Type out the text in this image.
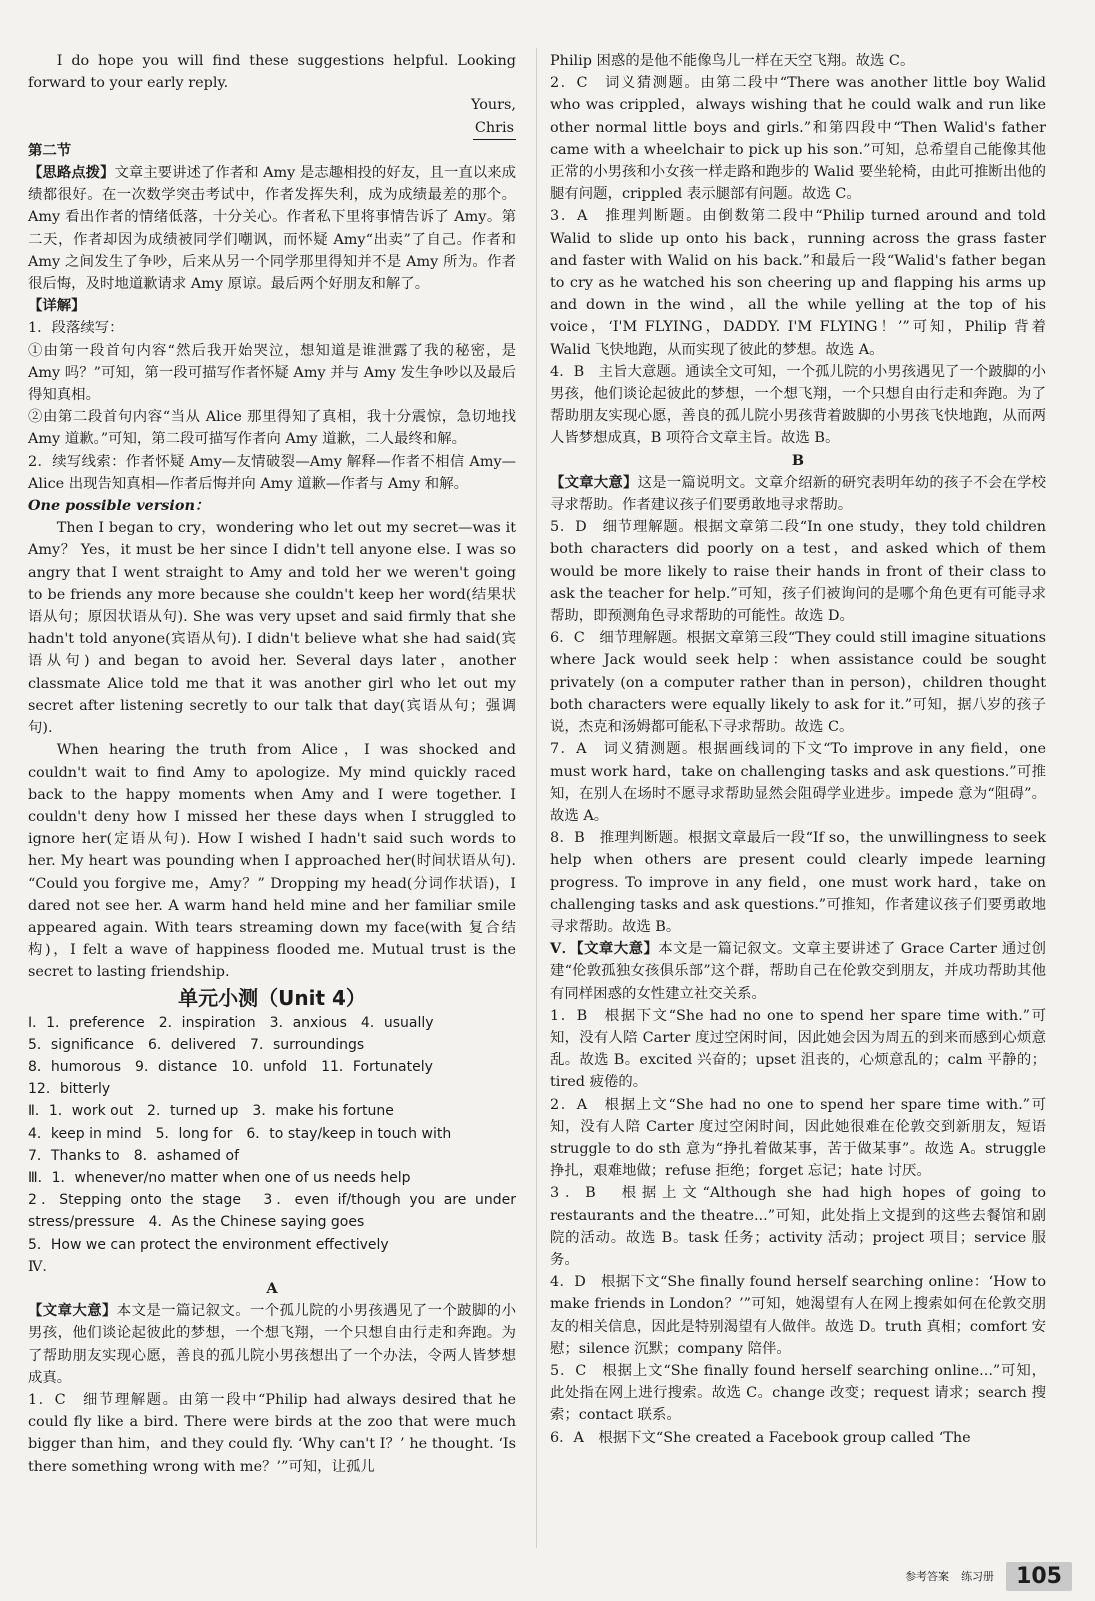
I do hope you will find these suggestions helpful. Looking forward to your early reply.

Yours,

Chris

第二节

【思路点拨】文章主要讲述了作者和 Amy 是志趣相投的好友，且一直以来成绩都很好。在一次数学突击考试中，作者发挥失利，成为成绩最差的那个。Amy 看出作者的情绪低落，十分关心。作者私下里将事情告诉了 Amy。第二天，作者却因为成绩被同学们嘲讽，而怀疑 Amy“出卖”了自己。作者和 Amy 之间发生了争吵，后来从另一个同学那里得知并不是 Amy 所为。作者很后悔，及时地道歉请求 Amy 原谅。最后两个好朋友和解了。

【详解】

1．段落续写：

①由第一段首句内容“然后我开始哭泣，想知道是谁泄露了我的秘密，是 Amy 吗？”可知，第一段可描写作者怀疑 Amy 并与 Amy 发生争吵以及最后得知真相。

②由第二段首句内容“当从 Alice 那里得知了真相，我十分震惊，急切地找 Amy 道歉。”可知，第二段可描写作者向 Amy 道歉，二人最终和解。

2．续写线索：作者怀疑 Amy—友情破裂—Amy 解释—作者不相信 Amy—Alice 出现告知真相—作者后悔并向 Amy 道歉—作者与 Amy 和解。

One possible version：

Then I began to cry，wondering who let out my secret—was it Amy？ Yes，it must be her since I didn't tell anyone else. I was so angry that I went straight to Amy and told her we weren't going to be friends any more because she couldn't keep her word(结果状语从句；原因状语从句). She was very upset and said firmly that she hadn't told anyone(宾语从句). I didn't believe what she had said(宾语从句) and began to avoid her. Several days later，another classmate Alice told me that it was another girl who let out my secret after listening secretly to our talk that day(宾语从句；强调句).

When hearing the truth from Alice，I was shocked and couldn't wait to find Amy to apologize. My mind quickly raced back to the happy moments when Amy and I were together. I couldn't deny how I missed her these days when I struggled to ignore her(定语从句). How I wished I hadn't said such words to her. My heart was pounding when I approached her(时间状语从句). “Could you forgive me，Amy？” Dropping my head(分词作状语)，I dared not see her. A warm hand held mine and her familiar smile appeared again. With tears streaming down my face(with 复合结构)，I felt a wave of happiness flooded me. Mutual trust is the secret to lasting friendship.

单元小测（Unit 4）

Ⅰ．1．preference　2．inspiration　3．anxious　4．usually

5．significance　6．delivered　7．surroundings

8．humorous　9．distance　10．unfold　11．Fortunately

12．bitterly

Ⅱ．1．work out　2．turned up　3．make his fortune

4．keep in mind　5．long for　6．to stay/keep in touch with

7．Thanks to　8．ashamed of

Ⅲ．1．whenever/no matter when one of us needs help

2．Stepping onto the stage　3．even if/though you are under stress/pressure　4．As the Chinese saying goes

5．How we can protect the environment effectively

Ⅳ．

A

【文章大意】本文是一篇记叙文。一个孤儿院的小男孩遇见了一个跛脚的小男孩，他们谈论起彼此的梦想，一个想飞翔，一个只想自由行走和奔跑。为了帮助朋友实现心愿，善良的孤儿院小男孩想出了一个办法，令两人皆梦想成真。

1．C　细节理解题。由第一段中“Philip had always desired that he could fly like a bird. There were birds at the zoo that were much bigger than him，and they could fly. ‘Why can't I？’ he thought. ‘Is there something wrong with me？’”可知，让孤儿

Philip 困惑的是他不能像鸟儿一样在天空飞翔。故选 C。

2．C　词义猜测题。由第二段中“There was another little boy Walid who was crippled，always wishing that he could walk and run like other normal little boys and girls.”和第四段中“Then Walid's father came with a wheelchair to pick up his son.”可知，总希望自己能像其他正常的小男孩和小女孩一样走路和跑步的 Walid 要坐轮椅，由此可推断出他的腿有问题，crippled 表示腿部有问题。故选 C。

3．A　推理判断题。由倒数第二段中“Philip turned around and told Walid to slide up onto his back，running across the grass faster and faster with Walid on his back.”和最后一段“Walid's father began to cry as he watched his son cheering up and flapping his arms up and down in the wind，all the while yelling at the top of his voice，‘I'M FLYING，DADDY. I'M FLYING！’”可知，Philip 背着 Walid 飞快地跑，从而实现了彼此的梦想。故选 A。

4．B　主旨大意题。通读全文可知，一个孤儿院的小男孩遇见了一个跛脚的小男孩，他们谈论起彼此的梦想，一个想飞翔，一个只想自由行走和奔跑。为了帮助朋友实现心愿，善良的孤儿院小男孩背着跛脚的小男孩飞快地跑，从而两人皆梦想成真，B 项符合文章主旨。故选 B。

B

【文章大意】这是一篇说明文。文章介绍新的研究表明年幼的孩子不会在学校寻求帮助。作者建议孩子们要勇敢地寻求帮助。

5．D　细节理解题。根据文章第二段“In one study，they told children both characters did poorly on a test，and asked which of them would be more likely to raise their hands in front of their class to ask the teacher for help.”可知，孩子们被询问的是哪个角色更有可能寻求帮助，即预测角色寻求帮助的可能性。故选 D。

6．C　细节理解题。根据文章第三段“They could still imagine situations where Jack would seek help：when assistance could be sought privately (on a computer rather than in person)，children thought both characters were equally likely to ask for it.”可知，据八岁的孩子说，杰克和汤姆都可能私下寻求帮助。故选 C。

7．A　词义猜测题。根据画线词的下文“To improve in any field，one must work hard，take on challenging tasks and ask questions.”可推知，在别人在场时不愿寻求帮助显然会阻碍学业进步。impede 意为“阻碍”。故选 A。

8．B　推理判断题。根据文章最后一段“If so，the unwillingness to seek help when others are present could clearly impede learning progress. To improve in any field，one must work hard，take on challenging tasks and ask questions.”可推知，作者建议孩子们要勇敢地寻求帮助。故选 B。

Ⅴ．【文章大意】本文是一篇记叙文。文章主要讲述了 Grace Carter 通过创建“伦敦孤独女孩俱乐部”这个群，帮助自己在伦敦交到朋友，并成功帮助其他有同样困惑的女性建立社交关系。

1．B　根据下文“She had no one to spend her spare time with.”可知，没有人陪 Carter 度过空闲时间，因此她会因为周五的到来而感到心烦意乱。故选 B。excited 兴奋的；upset 沮丧的，心烦意乱的；calm 平静的；tired 疲倦的。

2．A　根据上文“She had no one to spend her spare time with.”可知，没有人陪 Carter 度过空闲时间，因此她很难在伦敦交到新朋友，短语 struggle to do sth 意为“挣扎着做某事，苦于做某事”。故选 A。struggle 挣扎，艰难地做；refuse 拒绝；forget 忘记；hate 讨厌。

3．B　根据上文“Although she had high hopes of going to restaurants and the theatre...”可知，此处指上文提到的这些去餐馆和剧院的活动。故选 B。task 任务；activity 活动；project 项目；service 服务。

4．D　根据下文“She finally found herself searching online：‘How to make friends in London？’”可知，她渴望有人在网上搜索如何在伦敦交朋友的相关信息，因此是特别渴望有人做伴。故选 D。truth 真相；comfort 安慰；silence 沉默；company 陪伴。

5．C　根据上文“She finally found herself searching online...”可知，此处指在网上进行搜索。故选 C。change 改变；request 请求；search 搜索；contact 联系。

6．A　根据下文“She created a Facebook group called ‘The

参考答案 练习册	105
